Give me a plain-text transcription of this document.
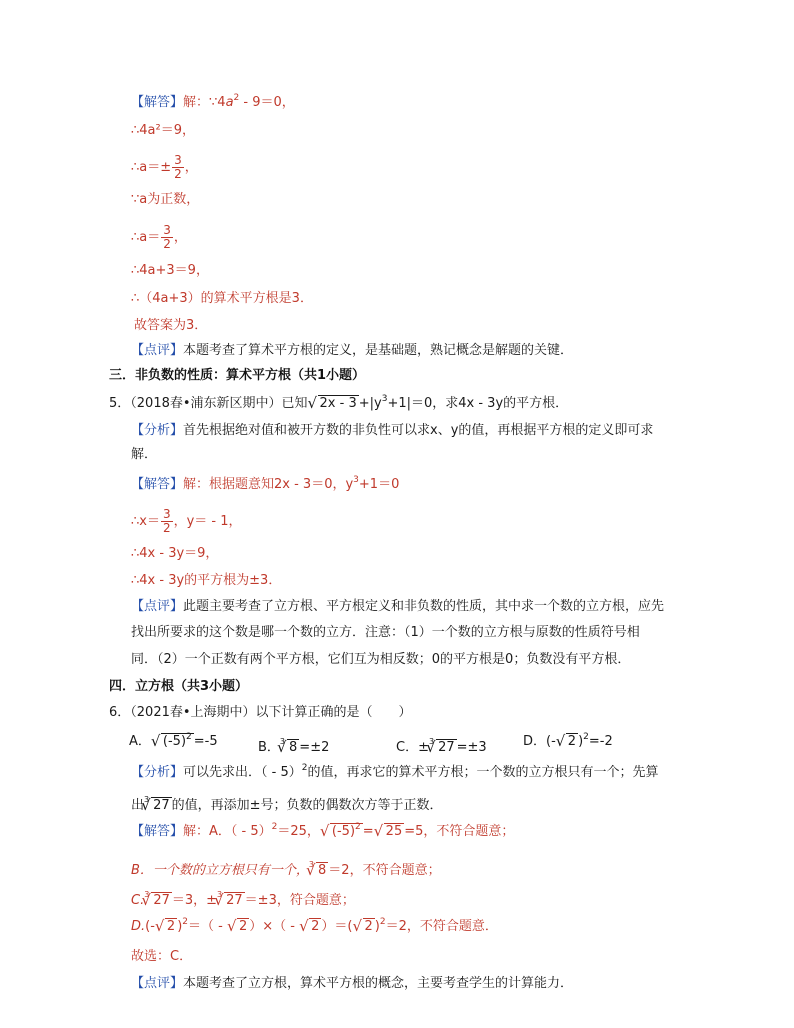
【解答】解：$\because 4a^2 - 9=0$，
∴4a²＝9，
∴a＝± $\frac{3}{2}$ ，
∵a为正数，
∴a＝ $\frac{3}{2}$ ，
∴4a+3＝9，
∴（4a+3）的算术平方根是3．
故答案为3．
【点评】本题考查了算术平方根的定义，是基础题，熟记概念是解题的关键．
三．非负数的性质：算术平方根（共1小题）
5．（2018春•浦东新区期中）已知 √ $2x - 3 +|y^3+1|=0$，求4x - 3y的平方根．
【分析】首先根据绝对值和被开方数的非负性可以求x、y的值，再根据平方根的定义即可求
解．
【解答】解：根据题意知2x - 3＝0，$y^3+1=0$
∴x＝ $\frac{3}{2}$ ，y＝ - 1，
∴4x - 3y＝9，
∴4x - 3y的平方根为±3．
【点评】此题主要考查了立方根、平方根定义和非负数的性质，其中求一个数的立方根，应先
找出所要求的这个数是哪一个数的立方．注意：（1）一个数的立方根与原数的性质符号相
同．（2）一个正数有两个平方根，它们互为相反数；0的平方根是0；负数没有平方根．
四．立方根（共3小题）
6．（2021春•上海期中）以下计算正确的是（　　）
A． √ $(-5)^2 =-5$	B．$^3$ √ 8 =±2	C．±$^3$ √ 27 =±3	D．(- √ 2 )$^2$=-2
【分析】可以先求出．（ - 5）$^2$的值，再求它的算术平方根；一个数的立方根只有一个；先算
出$^3$ √ 27 的值，再添加±号；负数的偶数次方等于正数．
【解答】解：A．（ - 5）$^2$＝25， √ $(-5)^2$ = √ 25 =5，不符合题意；
B．一个数的立方根只有一个，$^3$ √ 8 ＝2，不符合题意；
C.$^3$ √ 27 ＝3，±$^3$ √ 27 ＝±3，符合题意；
D.(- √ 2 )$^2$＝（ - √ 2 ）×（ - √ 2 ）＝( √ 2 )$^2$＝2，不符合题意．
故选：C．
【点评】本题考查了立方根，算术平方根的概念，主要考查学生的计算能力．
